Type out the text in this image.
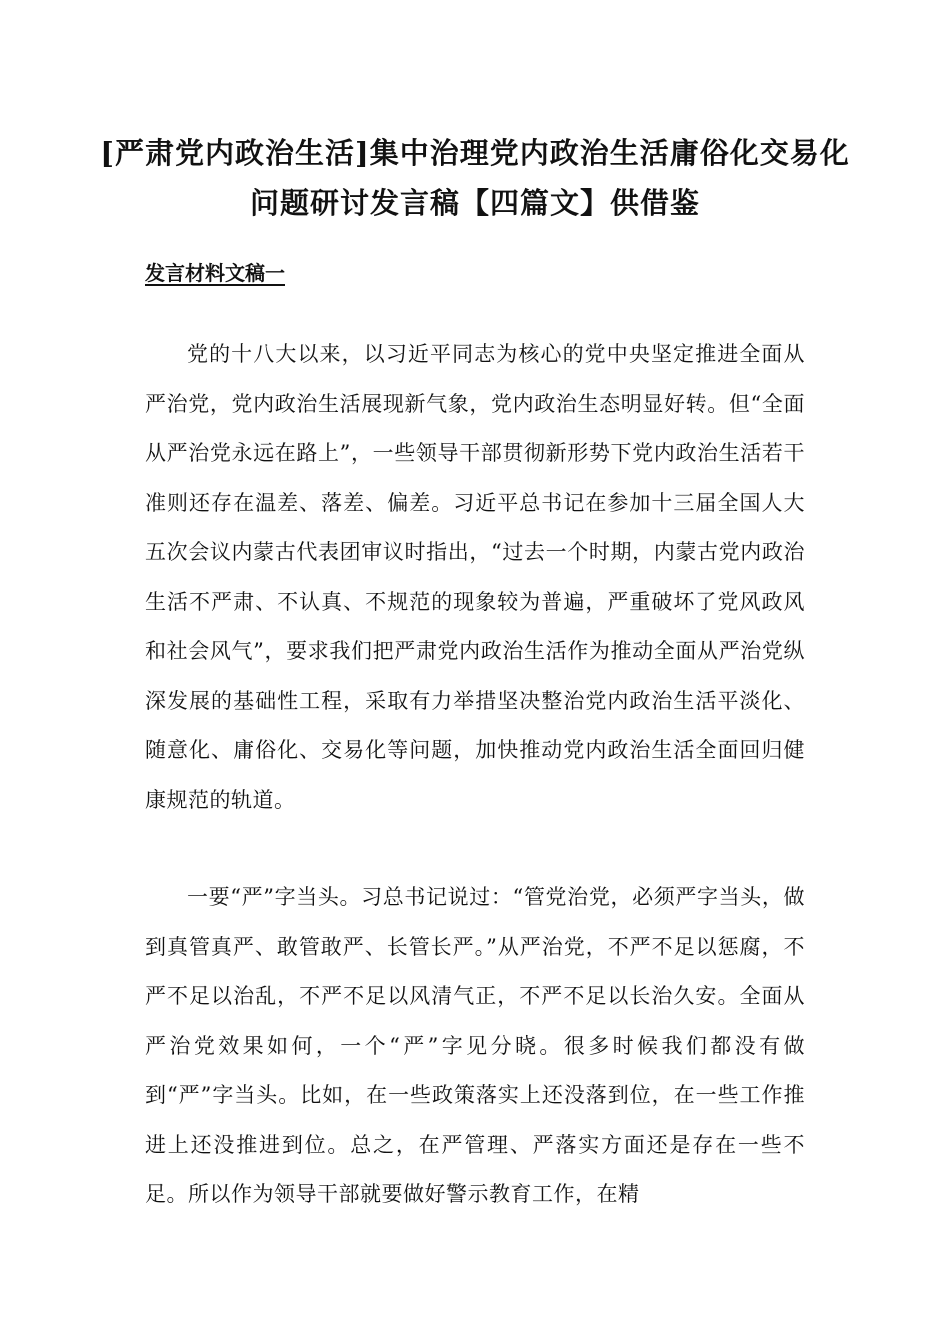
[严肃党内政治生活]集中治理党内政治生活庸俗化交易化问题研讨发言稿【四篇文】供借鉴
发言材料文稿一

党的十八大以来，以习近平同志为核心的党中央坚定推进全面从严治党，党内政治生活展现新气象，党内政治生态明显好转。但“全面从严治党永远在路上”，一些领导干部贯彻新形势下党内政治生活若干准则还存在温差、落差、偏差。习近平总书记在参加十三届全国人大五次会议内蒙古代表团审议时指出，“过去一个时期，内蒙古党内政治生活不严肃、不认真、不规范的现象较为普遍，严重破坏了党风政风和社会风气”，要求我们把严肃党内政治生活作为推动全面从严治党纵深发展的基础性工程，采取有力举措坚决整治党内政治生活平淡化、随意化、庸俗化、交易化等问题，加快推动党内政治生活全面回归健康规范的轨道。

一要“严”字当头。习总书记说过：“管党治党，必须严字当头，做到真管真严、敢管敢严、长管长严。”从严治党，不严不足以惩腐，不严不足以治乱，不严不足以风清气正，不严不足以长治久安。全面从严治党效果如何，一个“严”字见分晓。很多时候我们都没有做到“严”字当头。比如，在一些政策落实上还没落到位，在一些工作推进上还没推进到位。总之，在严管理、严落实方面还是存在一些不足。所以作为领导干部就要做好警示教育工作，在精
